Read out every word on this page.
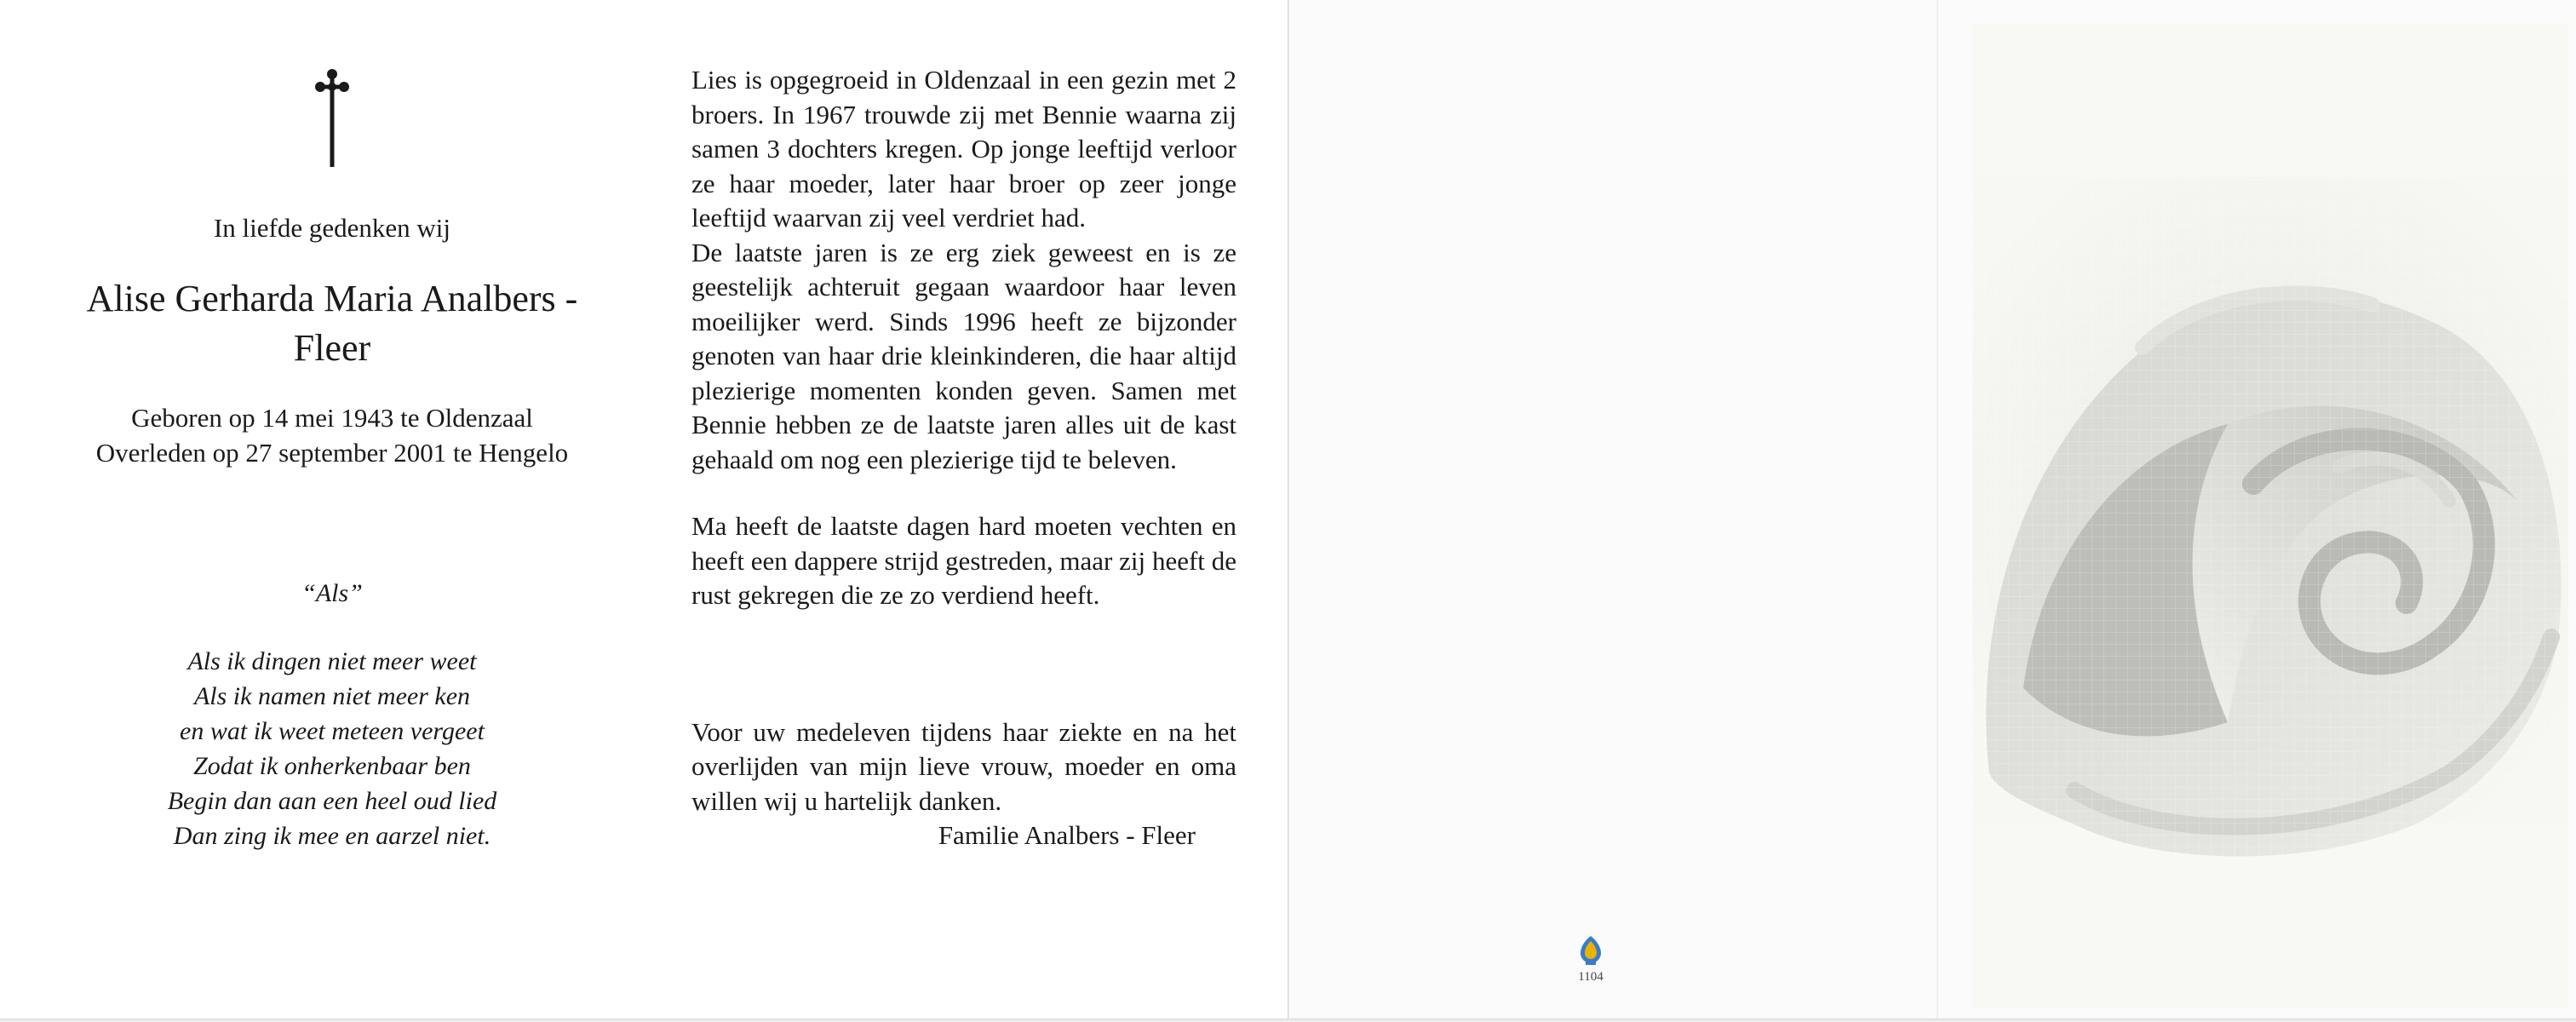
In liefde gedenken wij
Alise Gerharda Maria Analbers -
Fleer
Geboren op 14 mei 1943 te Oldenzaal
Overleden op 27 september 2001 te Hengelo
“Als”
Als ik dingen niet meer weet
Als ik namen niet meer ken
en wat ik weet meteen vergeet
Zodat ik onherkenbaar ben
Begin dan aan een heel oud lied
Dan zing ik mee en aarzel niet.

Lies is opgegroeid in Oldenzaal in een gezin met 2 broers. In 1967 trouwde zij met Bennie waarna zij samen 3 dochters kregen. Op jonge leeftijd verloor ze haar moeder, later haar broer op zeer jonge leeftijd waarvan zij veel verdriet had.

De laatste jaren is ze erg ziek geweest en is ze geestelijk achteruit gegaan waardoor haar leven moeilijker werd. Sinds 1996 heeft ze bijzonder genoten van haar drie kleinkinderen, die haar altijd plezierige momenten konden geven. Samen met Bennie hebben ze de laatste jaren alles uit de kast gehaald om nog een plezierige tijd te beleven.

Ma heeft de laatste dagen hard moeten vechten en heeft een dappere strijd gestreden, maar zij heeft de rust gekregen die ze zo verdiend heeft.

Voor uw medeleven tijdens haar ziekte en na het overlijden van mijn lieve vrouw, moeder en oma willen wij u hartelijk danken.

Familie Analbers - Fleer

1104
